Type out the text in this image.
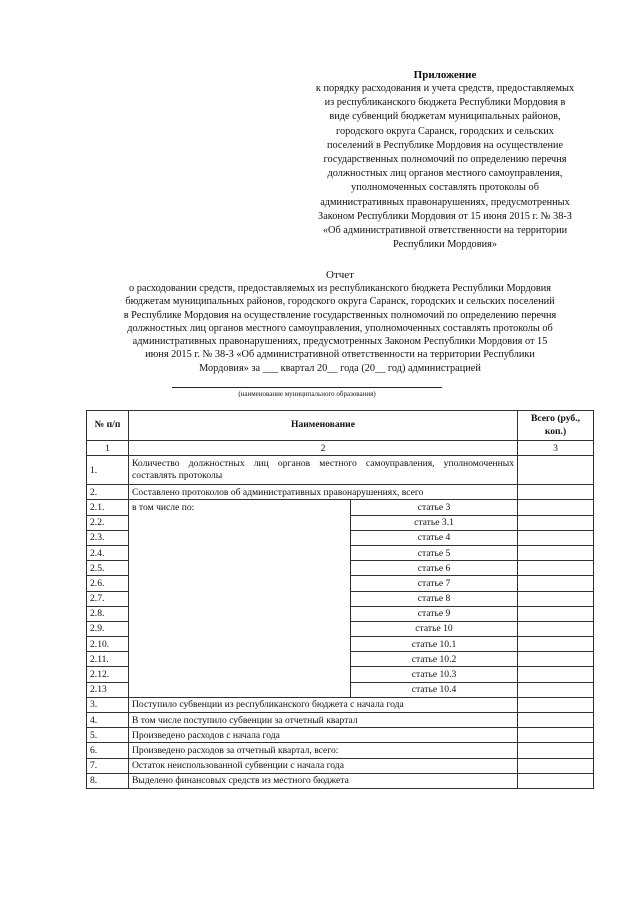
Приложение
к порядку расходования и учета средств, предоставляемых
из республиканского бюджета Республики Мордовия в
виде субвенций бюджетам муниципальных районов,
городского округа Саранск, городских и сельских
поселений в Республике Мордовия на осуществление
государственных полномочий по определению перечня
должностных лиц органов местного самоуправления,
уполномоченных составлять протоколы об
административных правонарушениях, предусмотренных
Законом Республики Мордовия от 15 июня 2015 г. № 38-З
«Об административной ответственности на территории
Республики Мордовия»
Отчет
о расходовании средств, предоставляемых из республиканского бюджета Республики Мордовия
бюджетам муниципальных районов, городского округа Саранск, городских и сельских поселений
в Республике Мордовия на осуществление государственных полномочий по определению перечня
должностных лиц органов местного самоуправления, уполномоченных составлять протоколы об
административных правонарушениях, предусмотренных Законом Республики Мордовия от 15
июня 2015 г. № 38-З «Об административной ответственности на территории Республики
Мордовия» за ___ квартал 20__ года (20__ год) администрацией
(наименование муниципального образования)
№ п/п	Наименование		Всего (руб., коп.)
1	2		3
1.	Количество должностных лиц органов местного самоуправления, уполномоченных составлять протоколы		
2.	Составлено протоколов об административных правонарушениях, всего		
2.1.	в том числе по:	статье 3	
2.2.		статье 3.1	
2.3.		статье 4	
2.4.		статье 5	
2.5.		статье 6	
2.6.		статье 7	
2.7.		статье 8	
2.8.		статье 9	
2.9.		статье 10	
2.10.		статье 10.1	
2.11.		статье 10.2	
2.12.		статье 10.3	
2.13		статье 10.4	
3.	Поступило субвенции из республиканского бюджета с начала года		
4.	В том числе поступило субвенции за отчетный квартал		
5.	Произведено расходов с начала года		
6.	Произведено расходов за отчетный квартал, всего:		
7.	Остаток неиспользованной субвенции с начала года		
8.	Выделено финансовых средств из местного бюджета		
